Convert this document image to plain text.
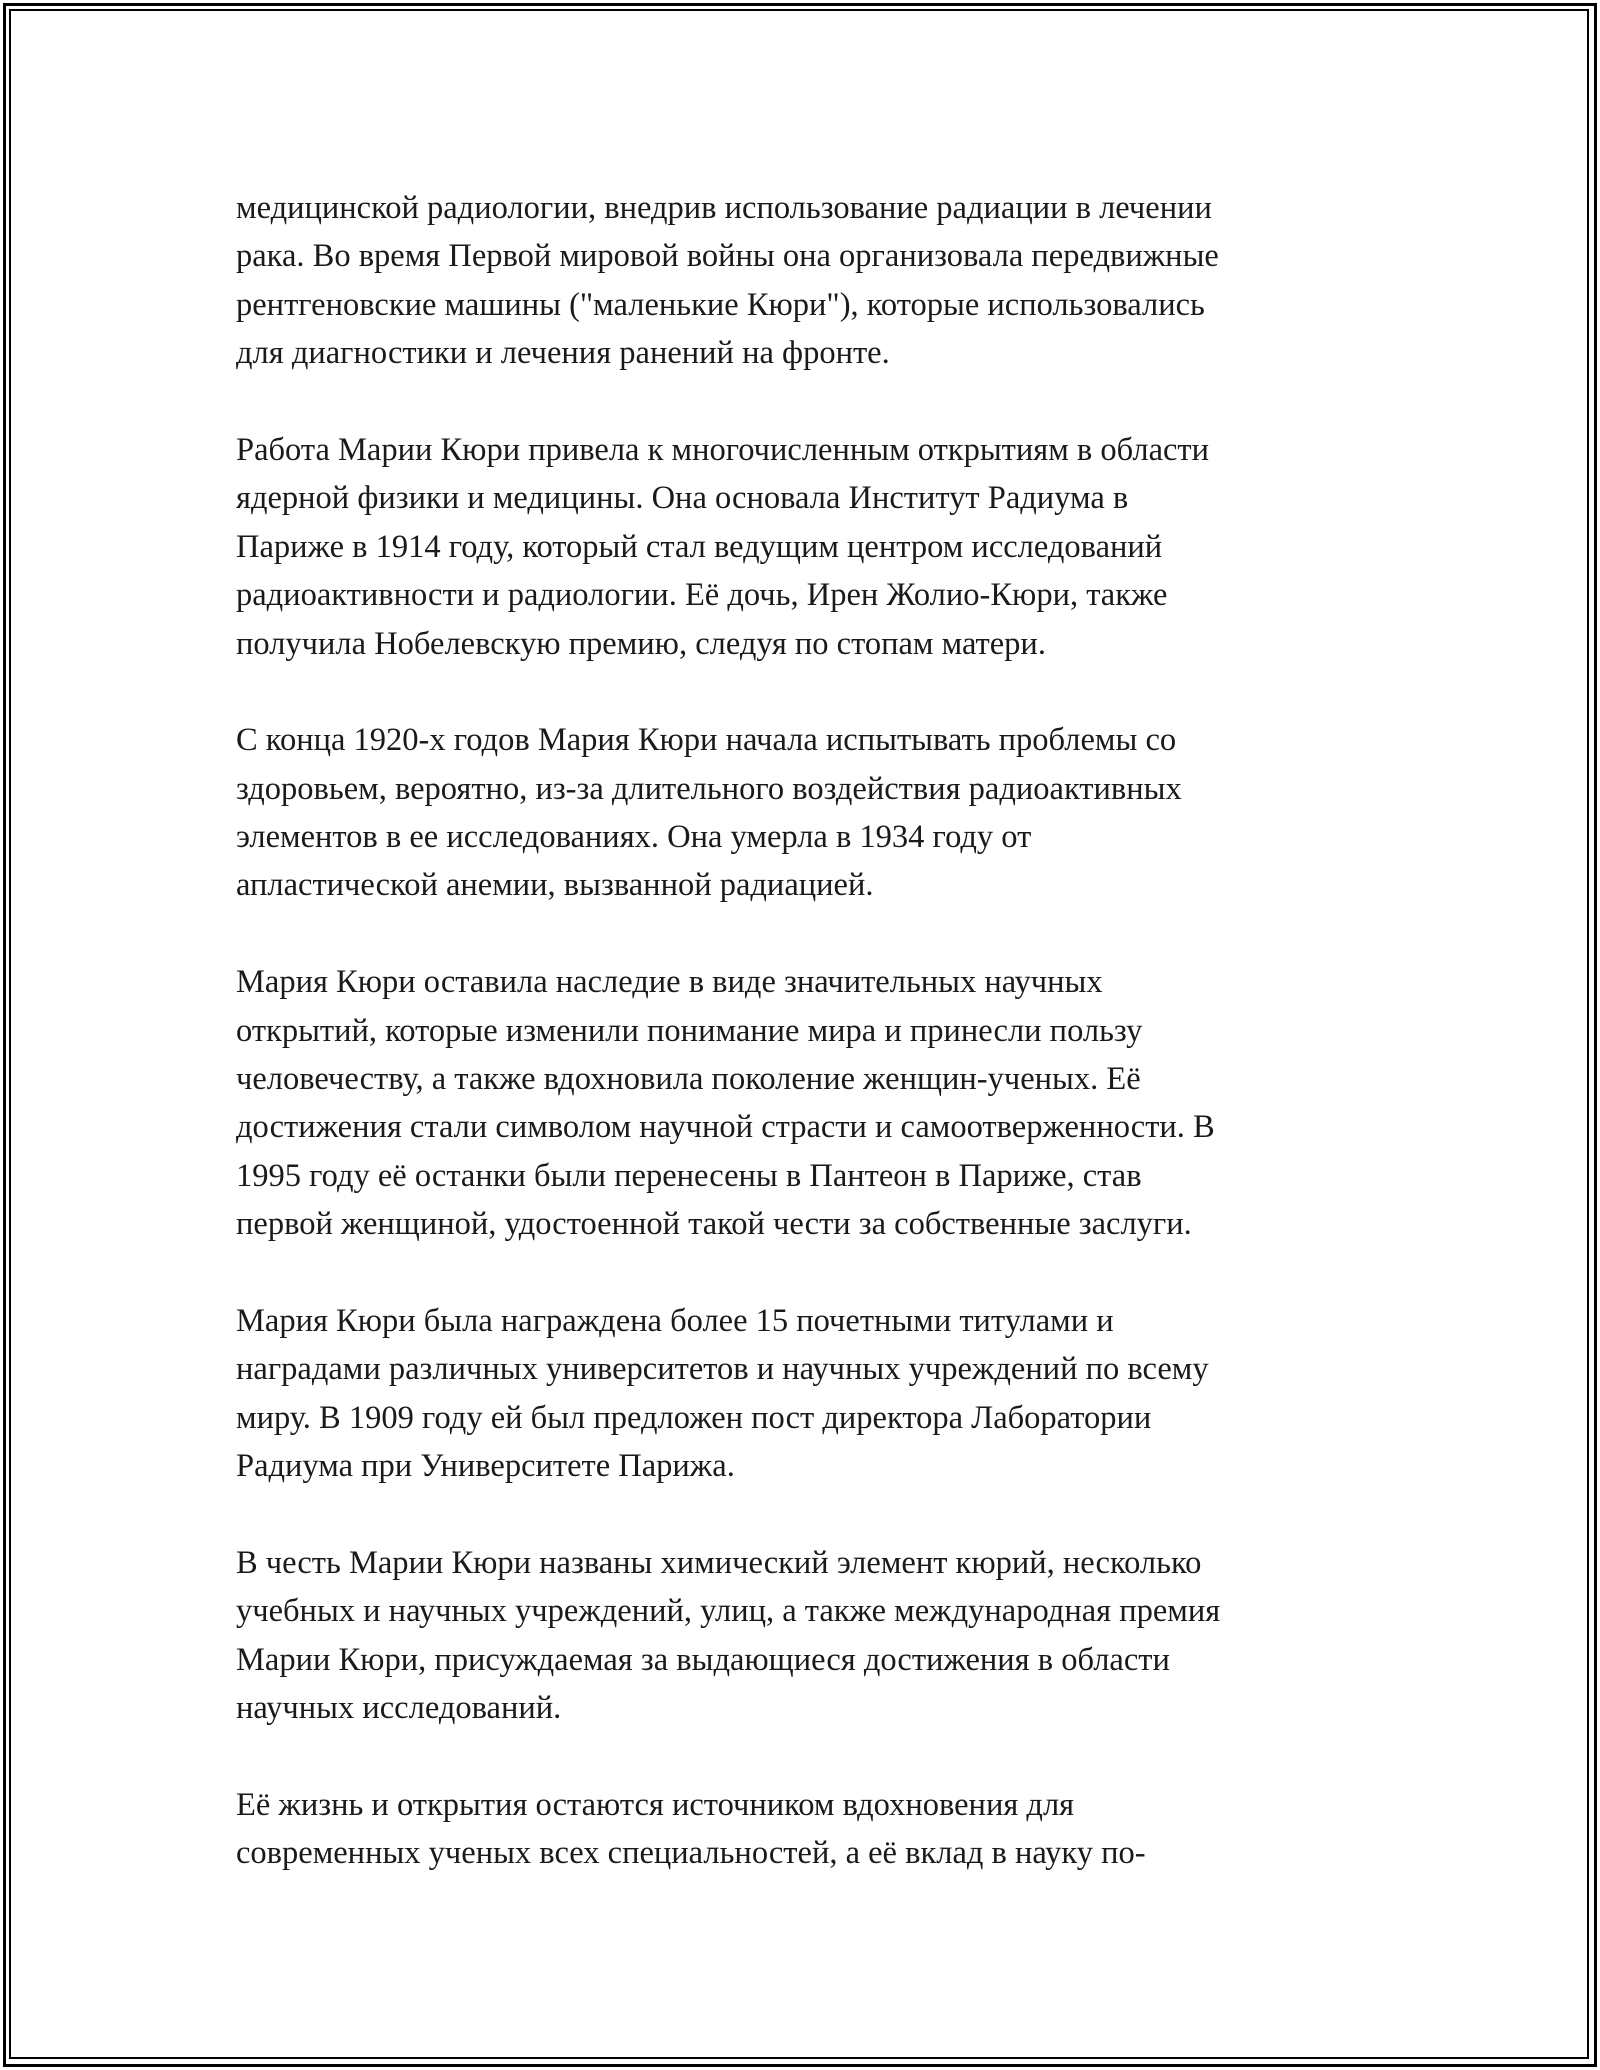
медицинской радиологии, внедрив использование радиации в лечении
рака. Во время Первой мировой войны она организовала передвижные
рентгеновские машины ("маленькие Кюри"), которые использовались
для диагностики и лечения ранений на фронте.
Работа Марии Кюри привела к многочисленным открытиям в области
ядерной физики и медицины. Она основала Институт Радиума в
Париже в 1914 году, который стал ведущим центром исследований
радиоактивности и радиологии. Её дочь, Ирен Жолио-Кюри, также
получила Нобелевскую премию, следуя по стопам матери.
С конца 1920-х годов Мария Кюри начала испытывать проблемы со
здоровьем, вероятно, из-за длительного воздействия радиоактивных
элементов в ее исследованиях. Она умерла в 1934 году от
апластической анемии, вызванной радиацией.
Мария Кюри оставила наследие в виде значительных научных
открытий, которые изменили понимание мира и принесли пользу
человечеству, а также вдохновила поколение женщин-ученых. Её
достижения стали символом научной страсти и самоотверженности. В
1995 году её останки были перенесены в Пантеон в Париже, став
первой женщиной, удостоенной такой чести за собственные заслуги.
Мария Кюри была награждена более 15 почетными титулами и
наградами различных университетов и научных учреждений по всему
миру. В 1909 году ей был предложен пост директора Лаборатории
Радиума при Университете Парижа.
В честь Марии Кюри названы химический элемент кюрий, несколько
учебных и научных учреждений, улиц, а также международная премия
Марии Кюри, присуждаемая за выдающиеся достижения в области
научных исследований.
Её жизнь и открытия остаются источником вдохновения для
современных ученых всех специальностей, а её вклад в науку по-
